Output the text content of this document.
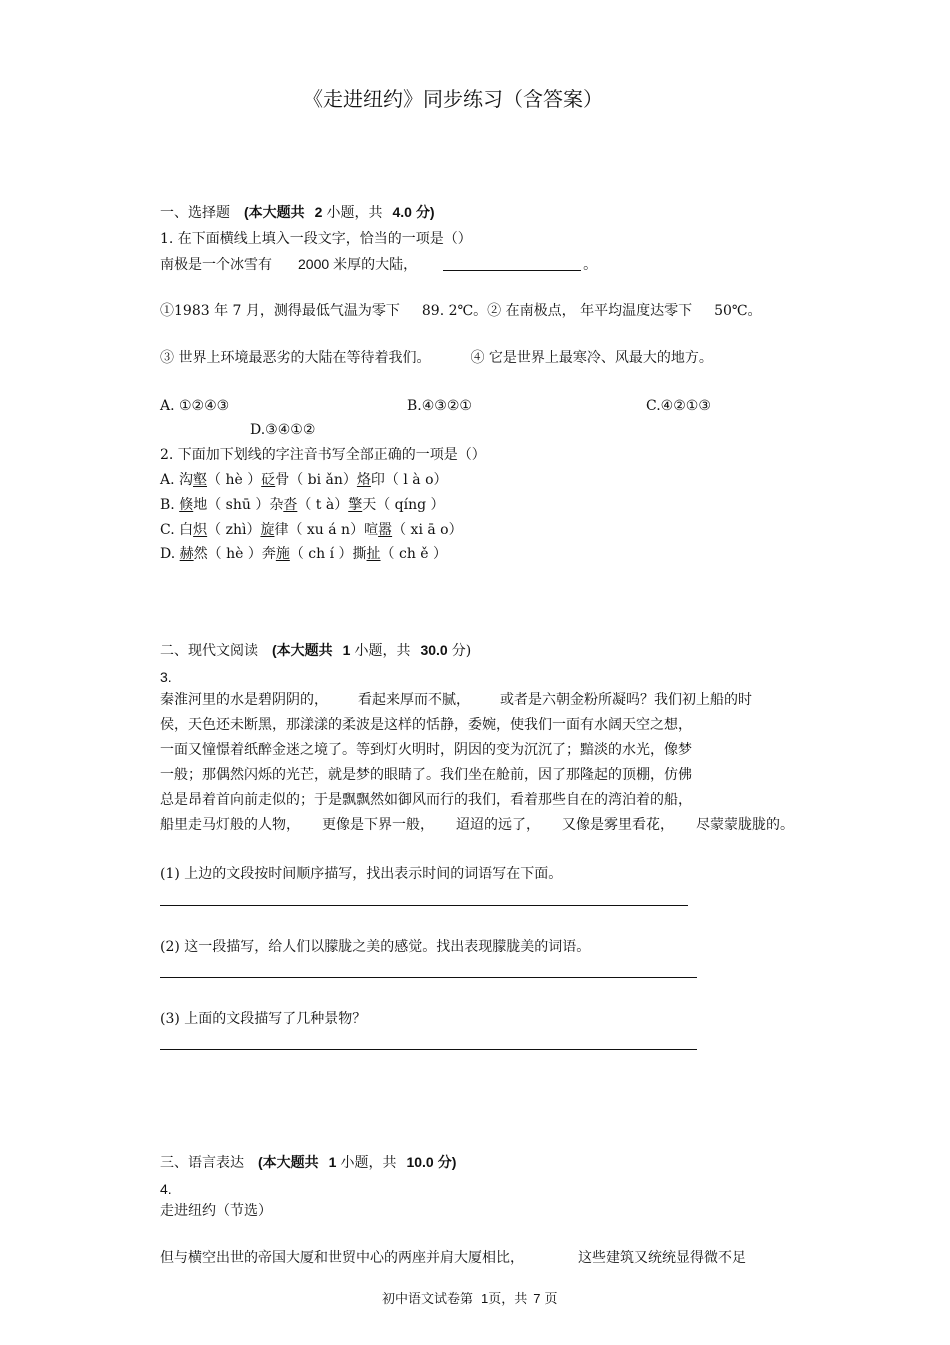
《走进纽约》同步练习（含答案）
一、选择题 (本大题共 2 小题，共 4.0 分)
1. 在下面横线上填入一段文字，恰当的一项是（）
南极是一个冰雪有 2000 米厚的大陆，	。
①1983 年 7 月，测得最低气温为零下 89. 2℃。② 在南极点， 年平均温度达零下 50℃。
③ 世界上环境最恶劣的大陆在等待着我们。	④ 它是世界上最寒冷、风最大的地方。
A. ①②④③	B.④③②①	C.④②①③
D.③④①②
2. 下面加下划线的字注音书写全部正确的一项是（）
A. 沟壑（ hè ）砭骨（ bi ǎn）烙印（ l à o）
B. 倏地（ shū ）杂沓（ t à）擎天（ qíng ）
C. 白炽（ zhì）旋律（ xu á n）喧嚣（ xi ā o）
D. 赫然（ hè ）奔施（ ch í ）撕扯（ ch ě ）
二、现代文阅读 (本大题共 1 小题，共 30.0 分)
3.
秦淮河里的水是碧阴阴的， 看起来厚而不腻， 或者是六朝金粉所凝吗？我们初上船的时
侯，天色还未断黑，那漾漾的柔波是这样的恬静，委婉，使我们一面有水阔天空之想，
一面又憧憬着纸醉金迷之境了。等到灯火明时，阴因的变为沉沉了；黯淡的水光，像梦
一般；那偶然闪烁的光芒，就是梦的眼睛了。我们坐在舱前，因了那隆起的顶棚，仿佛
总是昂着首向前走似的；于是飘飘然如御风而行的我们，看着那些自在的湾泊着的船，
船里走马灯般的人物， 更像是下界一般， 迢迢的远了， 又像是雾里看花， 尽蒙蒙胧胧的。
(1) 上边的文段按时间顺序描写，找出表示时间的词语写在下面。
(2) 这一段描写，给人们以朦胧之美的感觉。找出表现朦胧美的词语。
(3) 上面的文段描写了几种景物？
三、语言表达 (本大题共 1 小题，共 10.0 分)
4.
走进纽约（节选）
但与横空出世的帝国大厦和世贸中心的两座并肩大厦相比，	这些建筑又统统显得微不足
初中语文试卷第 1页，共 7 页
